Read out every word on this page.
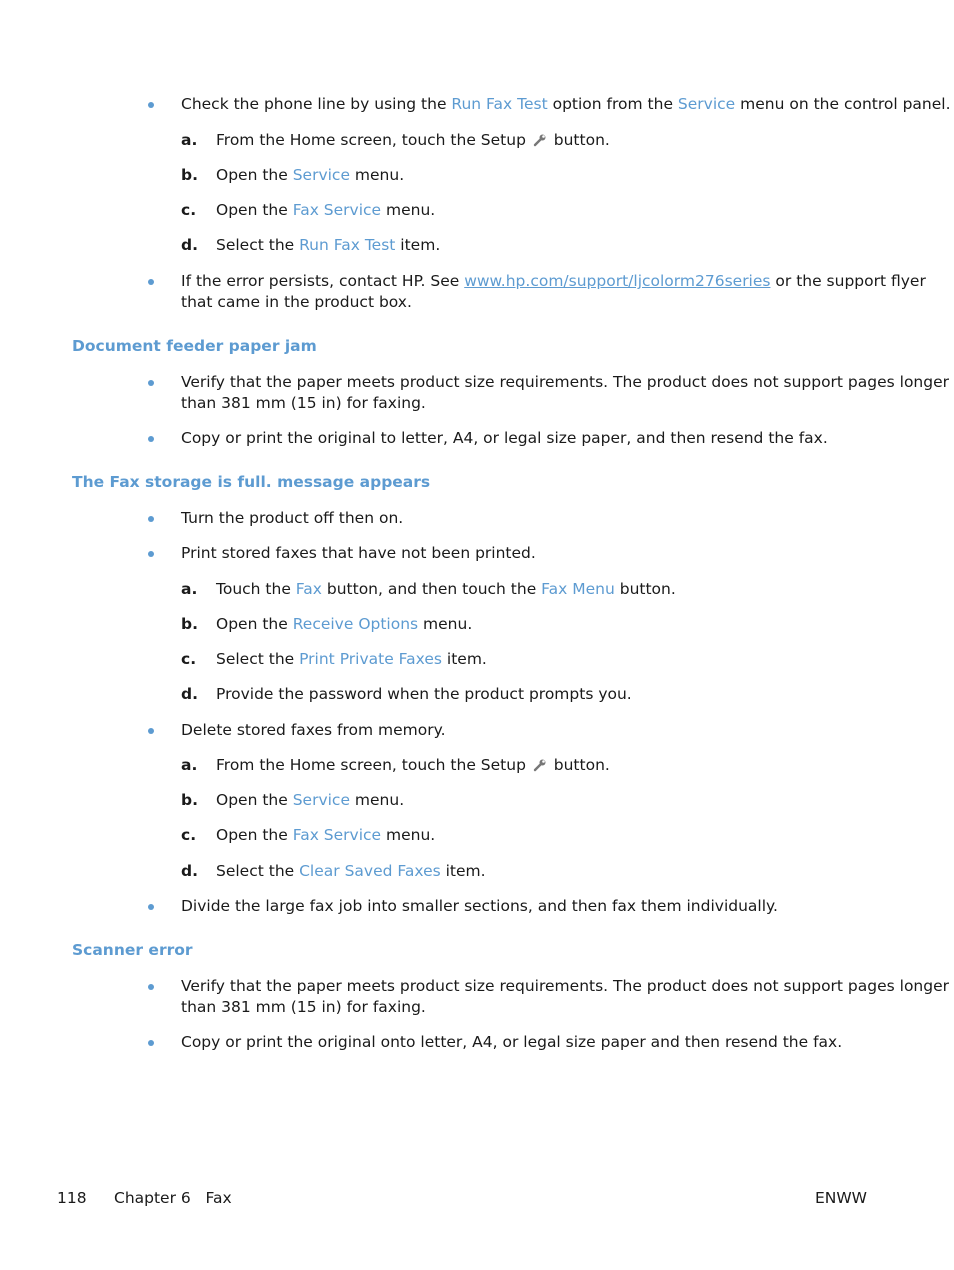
Check the phone line by using the Run Fax Test option from the Service menu on the control panel.
a. From the Home screen, touch the Setup  button.
b. Open the Service menu.
c. Open the Fax Service menu.
d. Select the Run Fax Test item.
If the error persists, contact HP. See www.hp.com/support/ljcolorm276series or the support flyer
that came in the product box.
Document feeder paper jam
Verify that the paper meets product size requirements. The product does not support pages longer
than 381 mm (15 in) for faxing.
Copy or print the original to letter, A4, or legal size paper, and then resend the fax.
The Fax storage is full. message appears
Turn the product off then on.
Print stored faxes that have not been printed.
a. Touch the Fax button, and then touch the Fax Menu button.
b. Open the Receive Options menu.
c. Select the Print Private Faxes item.
d. Provide the password when the product prompts you.
Delete stored faxes from memory.
a. From the Home screen, touch the Setup  button.
b. Open the Service menu.
c. Open the Fax Service menu.
d. Select the Clear Saved Faxes item.
Divide the large fax job into smaller sections, and then fax them individually.
Scanner error
Verify that the paper meets product size requirements. The product does not support pages longer
than 381 mm (15 in) for faxing.
Copy or print the original onto letter, A4, or legal size paper and then resend the fax.
118 Chapter 6   Fax	ENWW
